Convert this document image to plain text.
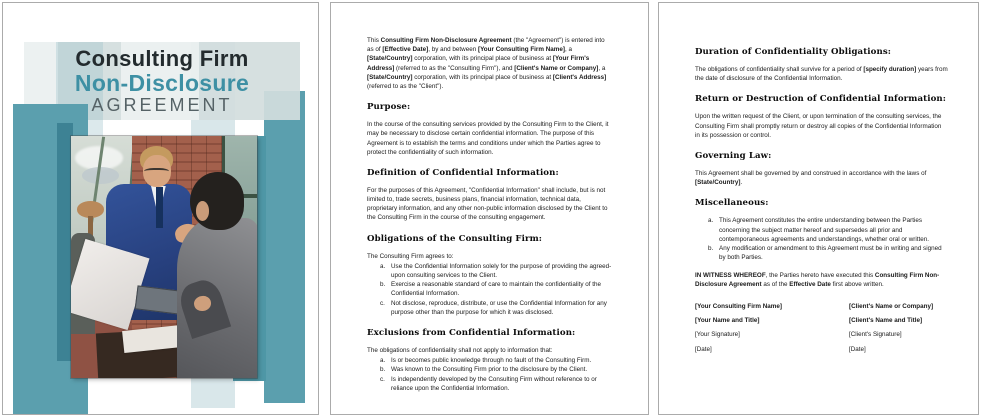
Consulting Firm
Non-Disclosure
AGREEMENT

This Consulting Firm Non-Disclosure Agreement (the "Agreement") is entered into as of [Effective Date], by and between [Your Consulting Firm Name], a [State/Country] corporation, with its principal place of business at [Your Firm's Address] (referred to as the "Consulting Firm"), and [Client's Name or Company], a [State/Country] corporation, with its principal place of business at [Client's Address] (referred to as the "Client").

Purpose:

In the course of the consulting services provided by the Consulting Firm to the Client, it may be necessary to disclose certain confidential information. The purpose of this Agreement is to establish the terms and conditions under which the Parties agree to protect the confidentiality of such information.

Definition of Confidential Information:

For the purposes of this Agreement, "Confidential Information" shall include, but is not limited to, trade secrets, business plans, financial information, technical data, proprietary information, and any other non-public information disclosed by the Client to the Consulting Firm in the course of the consulting engagement.

Obligations of the Consulting Firm:

The Consulting Firm agrees to:

Use the Confidential Information solely for the purpose of providing the agreed-upon consulting services to the Client.
Exercise a reasonable standard of care to maintain the confidentiality of the Confidential Information.
Not disclose, reproduce, distribute, or use the Confidential Information for any purpose other than the purpose for which it was disclosed.
Exclusions from Confidential Information:

The obligations of confidentiality shall not apply to information that:

Is or becomes public knowledge through no fault of the Consulting Firm.
Was known to the Consulting Firm prior to the disclosure by the Client.
Is independently developed by the Consulting Firm without reference to or reliance upon the Confidential Information.
Duration of Confidentiality Obligations:

The obligations of confidentiality shall survive for a period of [specify duration] years from the date of disclosure of the Confidential Information.

Return or Destruction of Confidential Information:

Upon the written request of the Client, or upon termination of the consulting services, the Consulting Firm shall promptly return or destroy all copies of the Confidential Information in its possession or control.

Governing Law:

This Agreement shall be governed by and construed in accordance with the laws of [State/Country].

Miscellaneous:
This Agreement constitutes the entire understanding between the Parties concerning the subject matter hereof and supersedes all prior and contemporaneous agreements and understandings, whether oral or written.
Any modification or amendment to this Agreement must be in writing and signed by both Parties.

IN WITNESS WHEREOF, the Parties hereto have executed this Consulting Firm Non-Disclosure Agreement as of the Effective Date first above written.

[Your Consulting Firm Name]
[Your Name and Title]
[Your Signature]
[Date]
[Client's Name or Company]
[Client's Name and Title]
[Client's Signature]
[Date]
